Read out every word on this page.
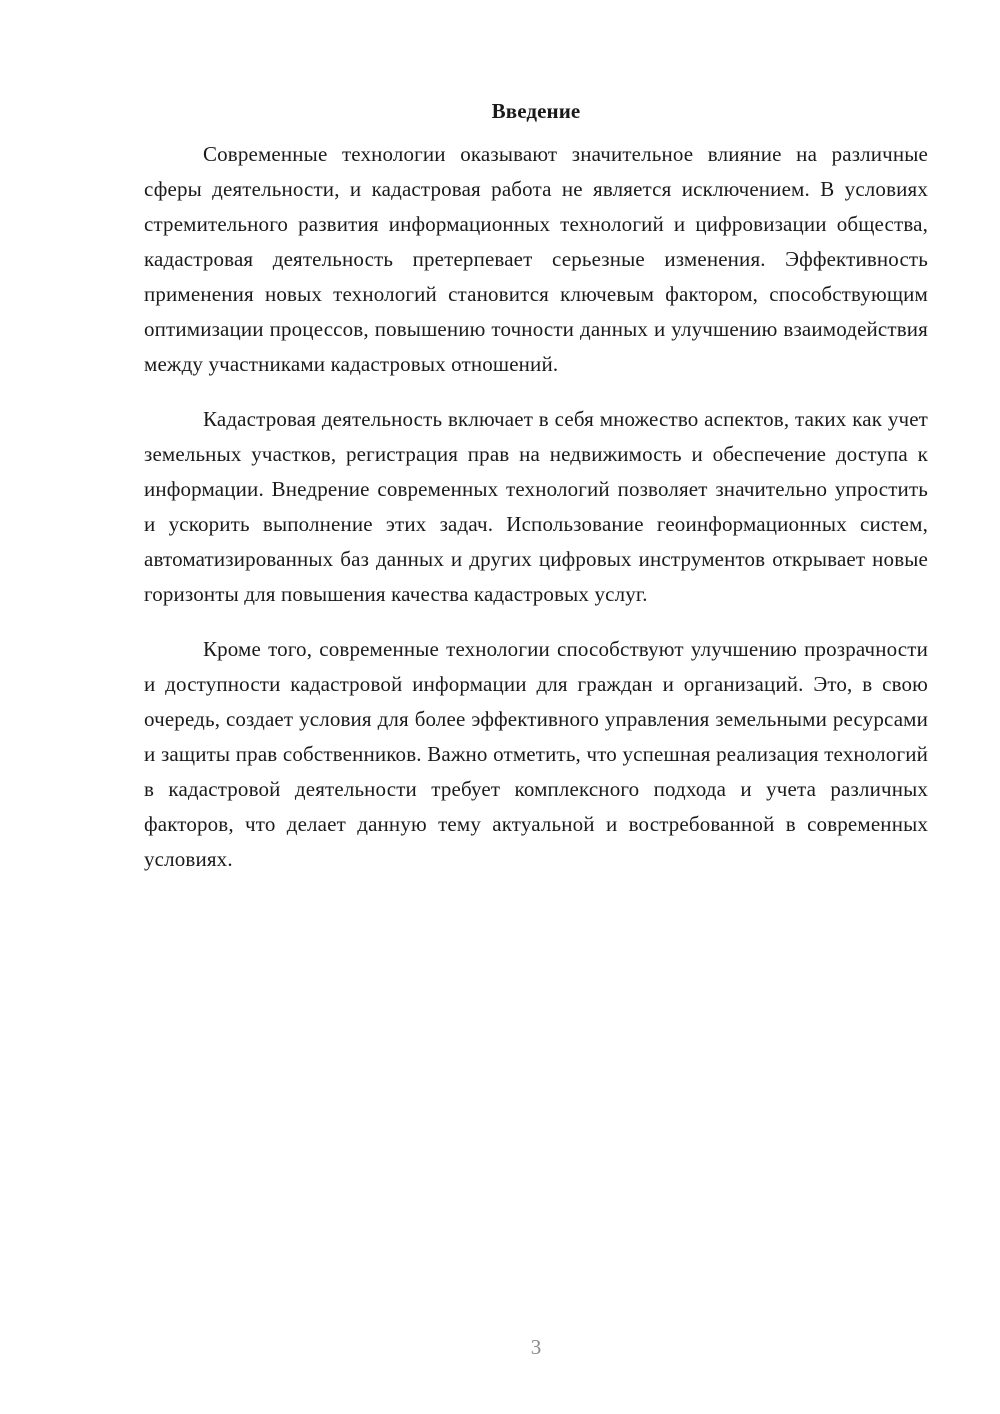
Введение

Современные технологии оказывают значительное влияние на различные сферы деятельности, и кадастровая работа не является исключением. В условиях стремительного развития информационных технологий и цифровизации общества, кадастровая деятельность претерпевает серьезные изменения. Эффективность применения новых технологий становится ключевым фактором, способствующим оптимизации процессов, повышению точности данных и улучшению взаимодействия между участниками кадастровых отношений.

Кадастровая деятельность включает в себя множество аспектов, таких как учет земельных участков, регистрация прав на недвижимость и обеспечение доступа к информации. Внедрение современных технологий позволяет значительно упростить и ускорить выполнение этих задач. Использование геоинформационных систем, автоматизированных баз данных и других цифровых инструментов открывает новые горизонты для повышения качества кадастровых услуг.

Кроме того, современные технологии способствуют улучшению прозрачности и доступности кадастровой информации для граждан и организаций. Это, в свою очередь, создает условия для более эффективного управления земельными ресурсами и защиты прав собственников. Важно отметить, что успешная реализация технологий в кадастровой деятельности требует комплексного подхода и учета различных факторов, что делает данную тему актуальной и востребованной в современных условиях.

3
